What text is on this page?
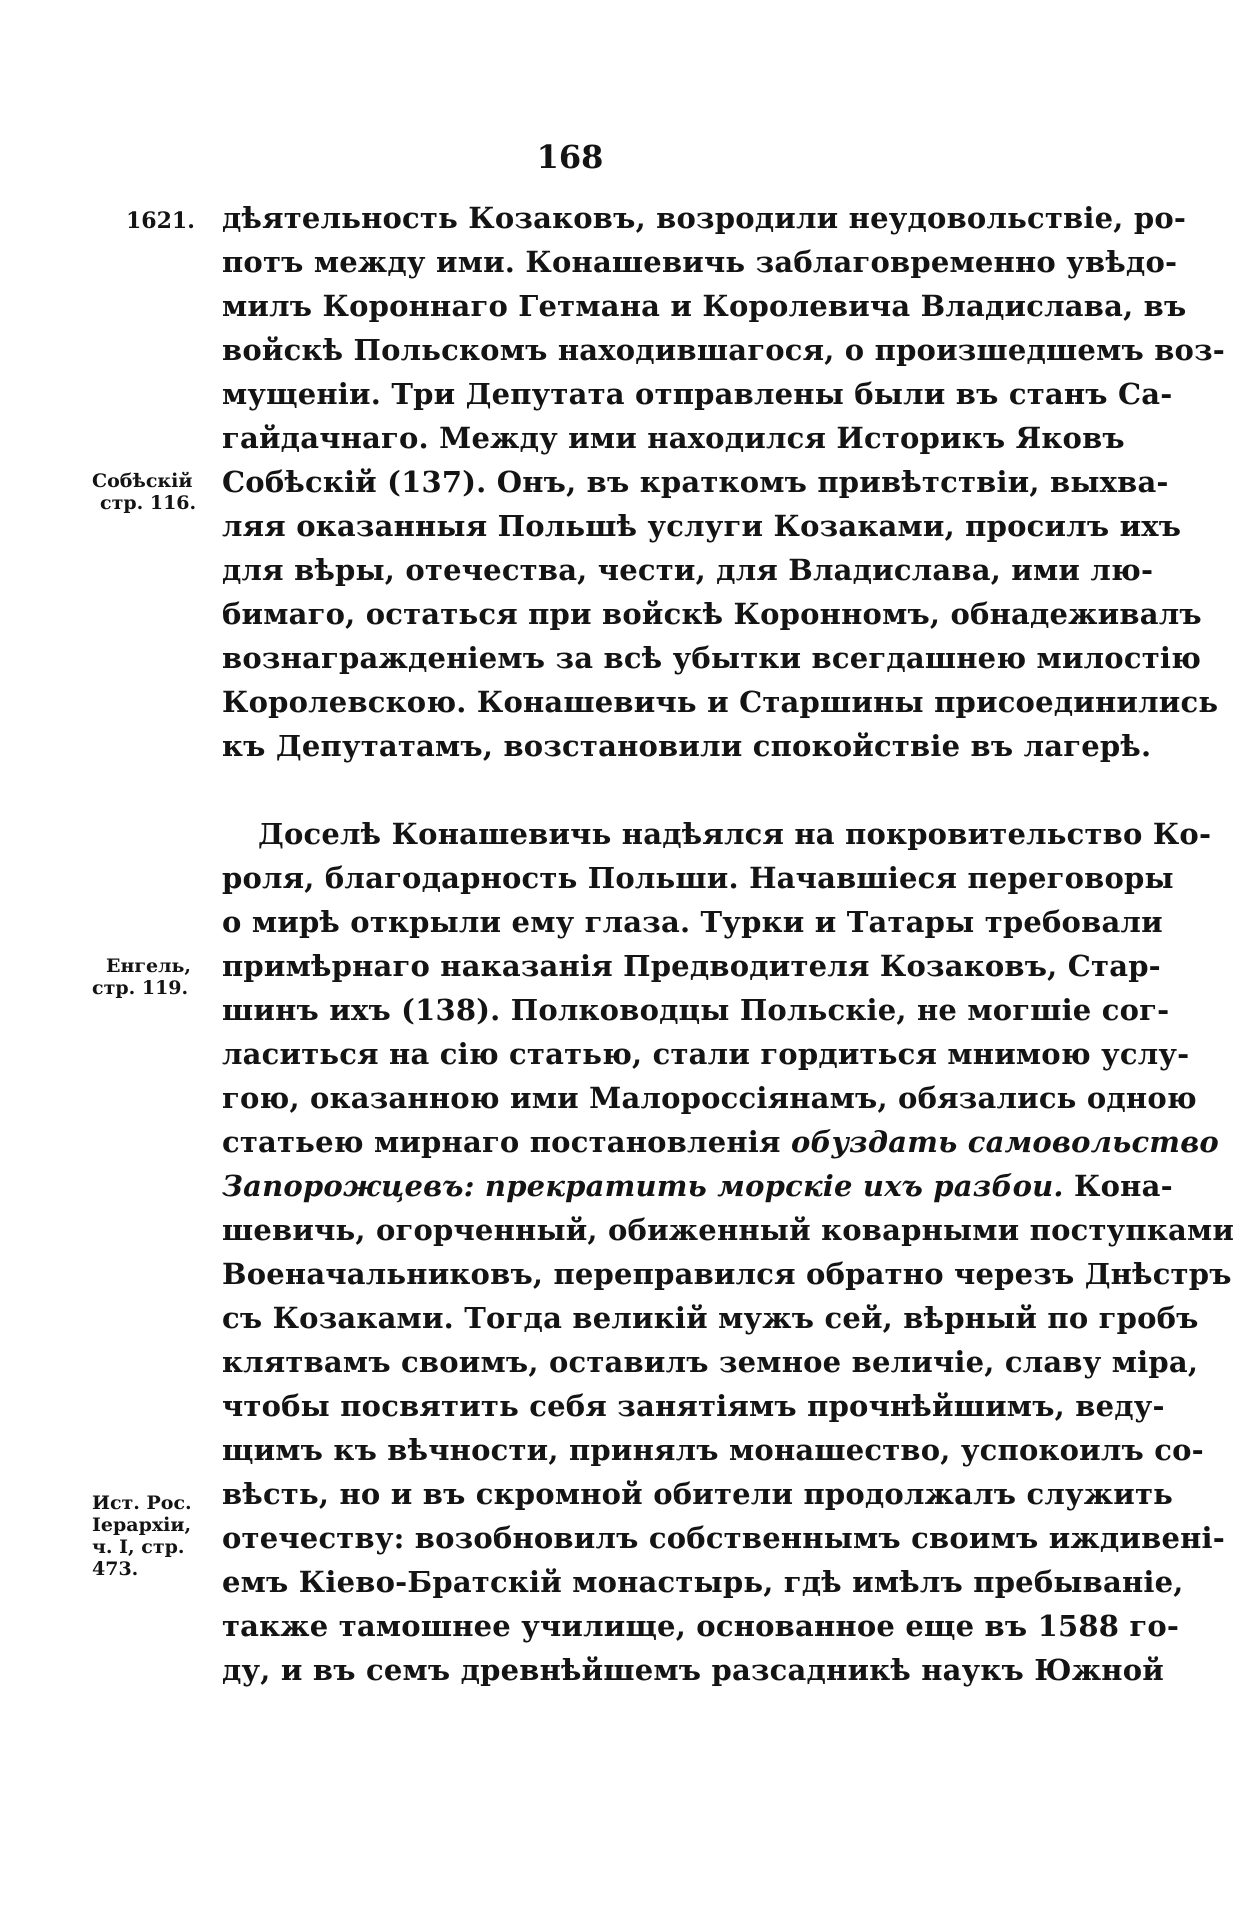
168
1621. дѣятельность Козаковъ, возродили неудовольствіе, ро-
потъ между ими. Конашевичь заблаговременно увѣдо-
милъ Короннаго Гетмана и Королевича Владислава, въ
войскѣ Польскомъ находившагося, о произшедшемъ воз-
мущеніи. Три Депутата отправлены были въ станъ Са-
гайдачнаго. Между ими находился Историкъ Яковъ
Собѣскій (137). Онъ, въ краткомъ привѣтствіи, выхва-
ляя оказанныя Польшѣ услуги Козаками, просилъ ихъ
для вѣры, отечества, чести, для Владислава, ими лю-
бимаго, остаться при войскѣ Коронномъ, обнадеживалъ
вознагражденіемъ за всѣ убытки всегдашнею милостію
Королевскою. Конашевичь и Старшины присоединились
къ Депутатамъ, возстановили спокойствіе въ лагерѣ.
Доселѣ Конашевичь надѣялся на покровительство Ко-
роля, благодарность Польши. Начавшіеся переговоры
о мирѣ открыли ему глаза. Турки и Татары требовали
примѣрнаго наказанія Предводителя Козаковъ, Стар-
шинъ ихъ (138). Полководцы Польскіе, не могшіе сог-
ласиться на сію статью, стали гордиться мнимою услу-
гою, оказанною ими Малороссіянамъ, обязались одною
статьею мирнаго постановленія обуздать самовольство
Запорожцевъ: прекратить морскіе ихъ разбои. Кона-
шевичь, огорченный, обиженный коварными поступками
Военачальниковъ, переправился обратно черезъ Днѣстръ
съ Козаками. Тогда великій мужъ сей, вѣрный по гробъ
клятвамъ своимъ, оставилъ земное величіе, славу міра,
чтобы посвятить себя занятіямъ прочнѣйшимъ, веду-
щимъ къ вѣчности, принялъ монашество, успокоилъ со-
вѣсть, но и въ скромной обители продолжалъ служить
отечеству: возобновилъ собственнымъ своимъ иждивені-
емъ Кіево-Братскій монастырь, гдѣ имѣлъ пребываніе,
также тамошнее училище, основанное еще въ 1588 го-
ду, и въ семъ древнѣйшемъ разсадникѣ наукъ Южной
Собѣскій
стр. 116.
Енгель,
стр. 119.
Ист. Рос.
Іерархіи,
ч. I, стр.
473.
